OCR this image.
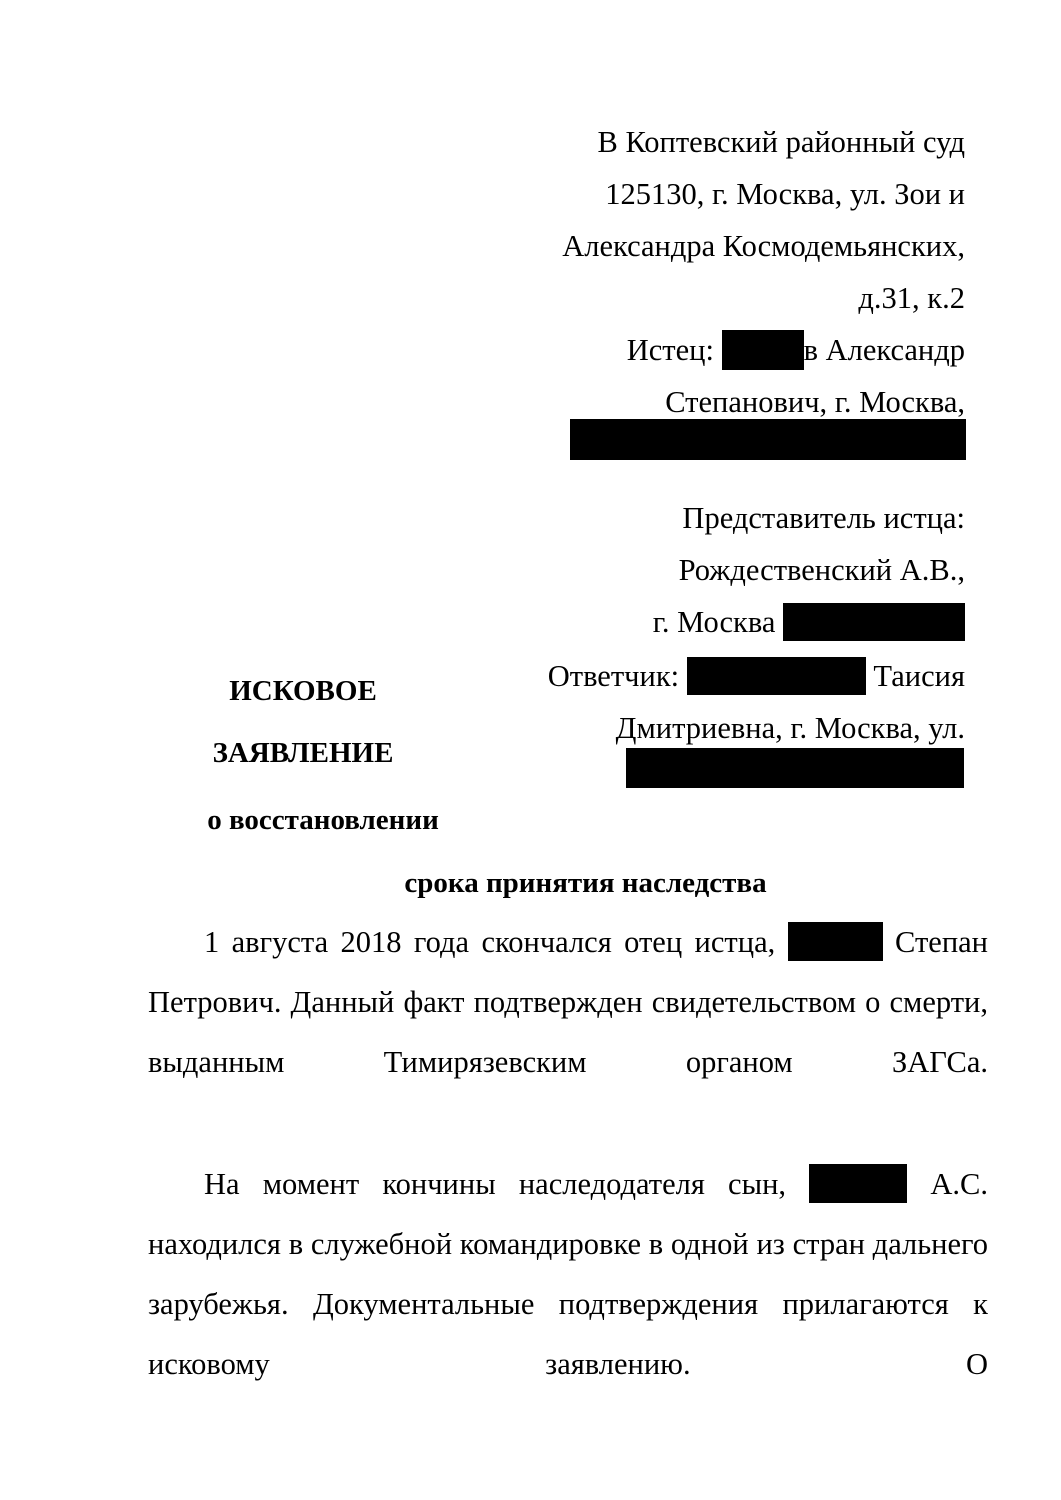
В Коптевский районный суд
125130, г. Москва, ул. Зои и
Александра Космодемьянских,
д.31, к.2
Истец:	в Александр
Степанович, г. Москва,
Представитель истца:
Рождественский А.В.,
г. Москва
Ответчик:	Таисия
Дмитриевна, г. Москва, ул.
ИСКОВОЕ
ЗАЯВЛЕНИЕ
о восстановлении
срока принятия наследства

1 августа 2018 года скончался отец истца,	Степан Петрович. Данный факт подтвержден свидетельством о смерти, выданным Тимирязевским органом ЗАГСа.

На момент кончины наследодателя сын,	А.С. находился в служебной командировке в одной из стран дальнего зарубежья. Документальные подтверждения прилагаются к исковому заявлению. О
